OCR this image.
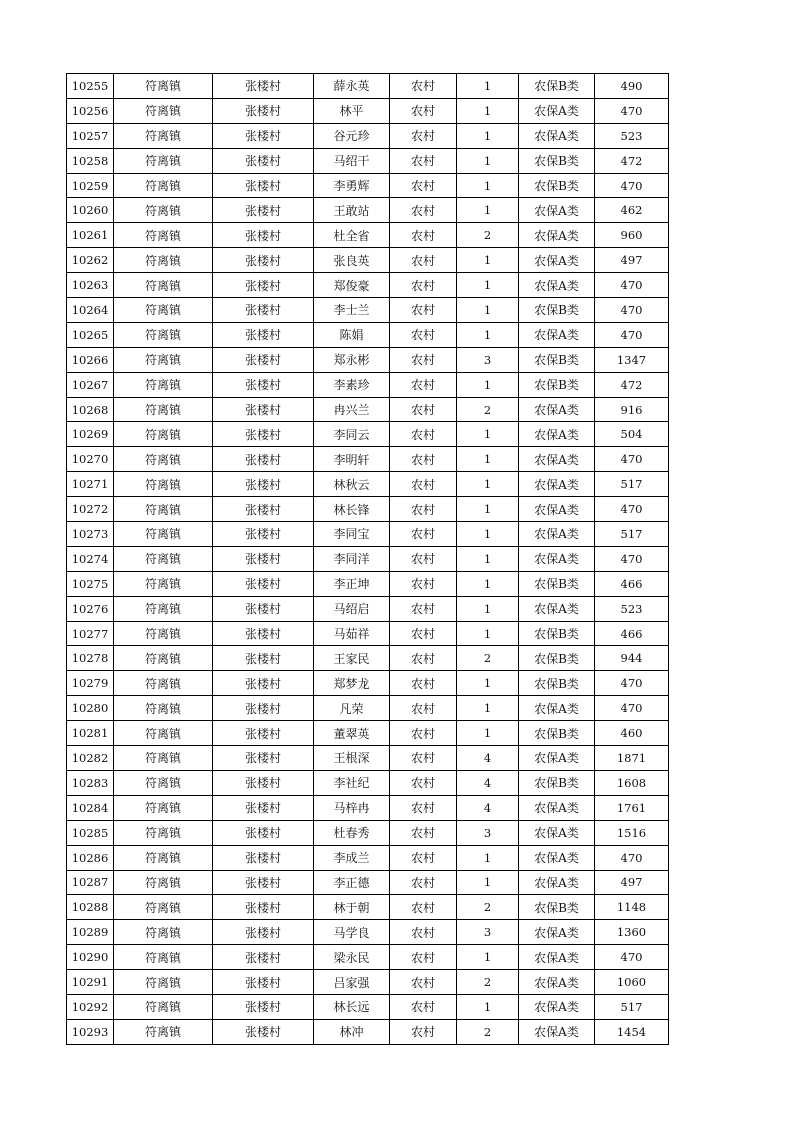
10255	符离镇	张楼村	薛永英	农村	1	农保B类	490
10256	符离镇	张楼村	林平	农村	1	农保A类	470
10257	符离镇	张楼村	谷元珍	农村	1	农保A类	523
10258	符离镇	张楼村	马绍干	农村	1	农保B类	472
10259	符离镇	张楼村	李勇辉	农村	1	农保B类	470
10260	符离镇	张楼村	王敢站	农村	1	农保A类	462
10261	符离镇	张楼村	杜全省	农村	2	农保A类	960
10262	符离镇	张楼村	张良英	农村	1	农保A类	497
10263	符离镇	张楼村	郑俊豪	农村	1	农保A类	470
10264	符离镇	张楼村	李士兰	农村	1	农保B类	470
10265	符离镇	张楼村	陈娟	农村	1	农保A类	470
10266	符离镇	张楼村	郑永彬	农村	3	农保B类	1347
10267	符离镇	张楼村	李素珍	农村	1	农保B类	472
10268	符离镇	张楼村	冉兴兰	农村	2	农保A类	916
10269	符离镇	张楼村	李同云	农村	1	农保A类	504
10270	符离镇	张楼村	李明轩	农村	1	农保A类	470
10271	符离镇	张楼村	林秋云	农村	1	农保A类	517
10272	符离镇	张楼村	林长锋	农村	1	农保A类	470
10273	符离镇	张楼村	李同宝	农村	1	农保A类	517
10274	符离镇	张楼村	李同洋	农村	1	农保A类	470
10275	符离镇	张楼村	李正坤	农村	1	农保B类	466
10276	符离镇	张楼村	马绍启	农村	1	农保A类	523
10277	符离镇	张楼村	马茹祥	农村	1	农保B类	466
10278	符离镇	张楼村	王家民	农村	2	农保B类	944
10279	符离镇	张楼村	郑梦龙	农村	1	农保B类	470
10280	符离镇	张楼村	凡荣	农村	1	农保A类	470
10281	符离镇	张楼村	董翠英	农村	1	农保B类	460
10282	符离镇	张楼村	王根深	农村	4	农保A类	1871
10283	符离镇	张楼村	李社纪	农村	4	农保B类	1608
10284	符离镇	张楼村	马梓冉	农村	4	农保A类	1761
10285	符离镇	张楼村	杜春秀	农村	3	农保A类	1516
10286	符离镇	张楼村	李成兰	农村	1	农保A类	470
10287	符离镇	张楼村	李正德	农村	1	农保A类	497
10288	符离镇	张楼村	林于朝	农村	2	农保B类	1148
10289	符离镇	张楼村	马学良	农村	3	农保A类	1360
10290	符离镇	张楼村	梁永民	农村	1	农保A类	470
10291	符离镇	张楼村	吕家强	农村	2	农保A类	1060
10292	符离镇	张楼村	林长远	农村	1	农保A类	517
10293	符离镇	张楼村	林冲	农村	2	农保A类	1454
